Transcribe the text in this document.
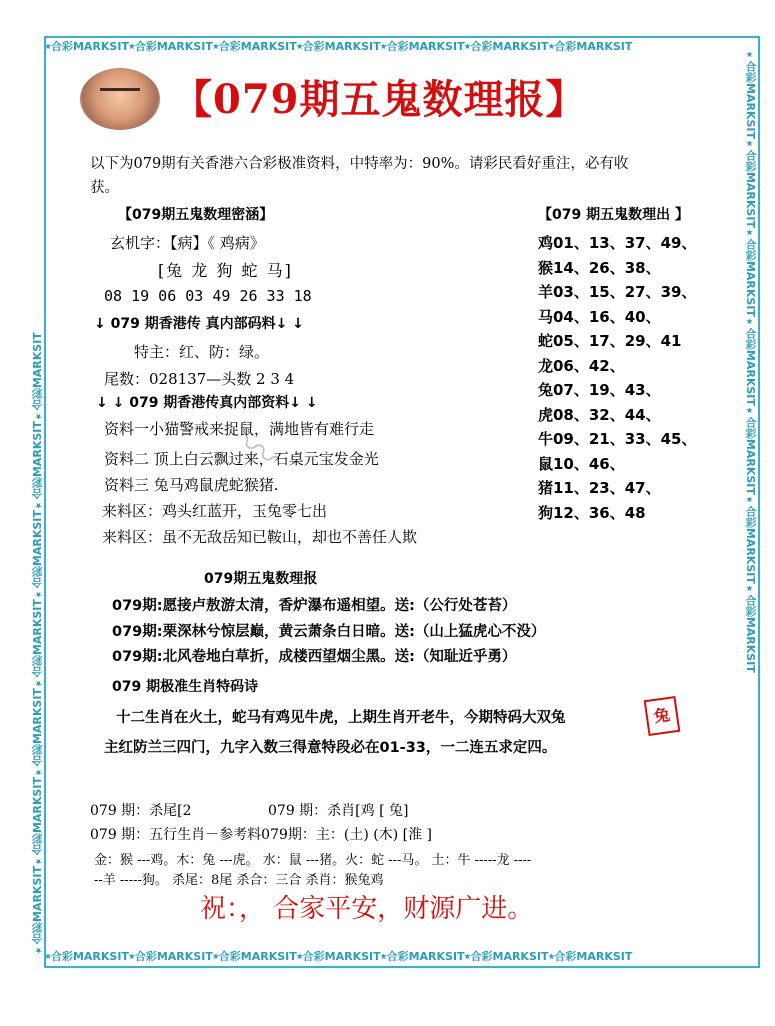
⭒合彩MARKSIT⭒合彩MARKSIT⭒合彩MARKSIT⭒合彩MARKSIT⭒合彩MARKSIT⭒合彩MARKSIT⭒合彩MARKSIT
⭒合彩MARKSIT⭒合彩MARKSIT⭒合彩MARKSIT⭒合彩MARKSIT⭒合彩MARKSIT⭒合彩MARKSIT⭒合彩MARKSIT
⭒合彩MARKSIT⭒合彩MARKSIT⭒合彩MARKSIT⭒合彩MARKSIT⭒合彩MARKSIT⭒合彩MARKSIT⭒合彩MARKSIT	⭒合彩MARKSIT⭒合彩MARKSIT⭒合彩MARKSIT⭒合彩MARKSIT⭒合彩MARKSIT⭒合彩MARKSIT⭒合彩MARKSIT
【079期五鬼数理报】
以下为079期有关香港六合彩极准资料，中特率为：90%。请彩民看好重注，必有收
获。
【079期五鬼数理密涵】
玄机字：【病】《 鸡病》
[兔 龙 狗 蛇 马]
08 19 06 03 49 26 33 18
↓ 079 期香港传 真内部码料↓ ↓
特主：红、防：绿。
尾数：028137—头数 2 3 4
↓ ↓ 079 期香港传真内部资料↓ ↓
资料一小猫警戒来捉鼠，满地皆有难行走
资料二 顶上白云飘过来，石桌元宝发金光
资料三 兔马鸡鼠虎蛇猴猪.
来料区：鸡头红蓝开，玉兔零七出
来料区：虽不无敌岳知已鞍山，却也不善任人欺
〰
【079 期五鬼数理出 】
鸡01、13、37、49、
猴14、26、38、
羊03、15、27、39、
马04、16、40、
蛇05、17、29、41
龙06、42、
兔07、19、43、
虎08、32、44、
牛09、21、33、45、
鼠10、46、
猪11、23、47、
狗12、36、48
079期五鬼数理报
079期:愿接卢敖游太清，香炉瀑布遥相望。送:（公行处苍苔）
079期:栗深林兮惊层巅，黄云萧条白日暗。送:（山上猛虎心不没）
079期:北风卷地白草折，成楼西望烟尘黑。送:（知耻近乎勇）
079 期极准生肖特码诗
十二生肖在火土，蛇马有鸡见牛虎，上期生肖开老牛，今期特码大双兔
主红防兰三四门，九字入数三得意特段必在01-33，一二连五求定四。
兔
079 期：杀尾[2	079 期：杀肖[鸡 [ 兔]
079 期：五行生肖－参考料079期：主：(土) (木) [淮 ]
金：猴 ---鸡。木：兔 ---虎。 水：鼠 ---猪。火：蛇 ---马。 土：牛 -----龙 ----
--羊 -----狗。 杀尾：8尾 杀合：三合 杀肖：猴兔鸡
祝：， 合家平安，财源广进。
